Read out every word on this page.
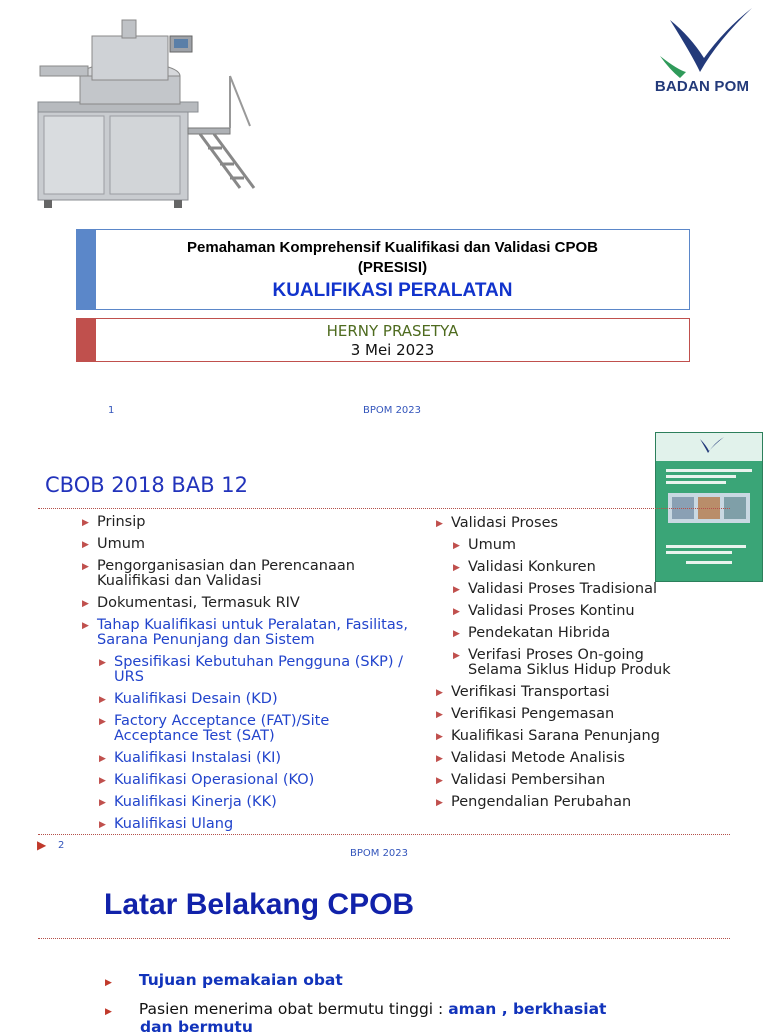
BADAN POM
Pemahaman Komprehensif Kualifikasi dan Validasi CPOB
(PRESISI)
KUALIFIKASI PERALATAN
HERNY PRASETYA
3 Mei 2023
1	BPOM 2023
CBOB 2018 BAB 12
▶ Prinsip
▶ Umum
▶ Pengorganisasian dan Perencanaan Kualifikasi dan Validasi
▶ Dokumentasi, Termasuk RIV
▶ Tahap Kualifikasi untuk Peralatan, Fasilitas, Sarana Penunjang dan Sistem
▶ Spesifikasi Kebutuhan Pengguna (SKP) / URS
▶ Kualifikasi Desain (KD)
▶ Factory Acceptance (FAT)/Site Acceptance Test (SAT)
▶ Kualifikasi Instalasi (KI)
▶ Kualifikasi Operasional (KO)
▶ Kualifikasi Kinerja (KK)
▶ Kualifikasi Ulang
▶ Validasi Proses
▶ Umum
▶ Validasi Konkuren
▶ Validasi Proses Tradisional
▶ Validasi Proses Kontinu
▶ Pendekatan Hibrida
▶ Verifasi Proses On-going Selama Siklus Hidup Produk
▶ Verifikasi Transportasi
▶ Verifikasi Pengemasan
▶ Kualifikasi Sarana Penunjang
▶ Validasi Metode Analisis
▶ Validasi Pembersihan
▶ Pengendalian Perubahan
▶ 2
BPOM 2023
Latar Belakang CPOB
▶ Tujuan pemakaian obat
▶ Pasien menerima obat bermutu tinggi : aman , berkhasiat
dan bermutu
